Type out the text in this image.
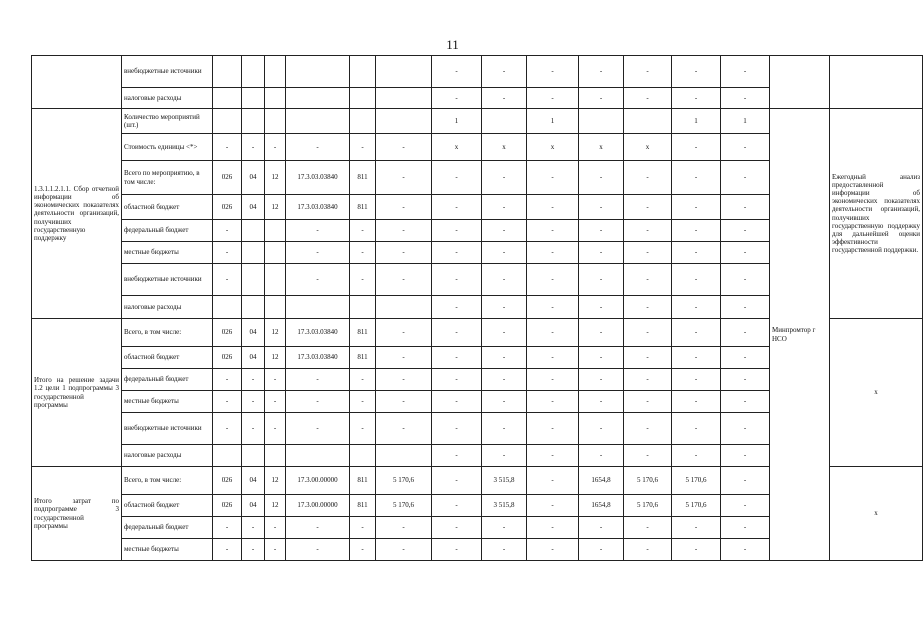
11
	внебюджетные источники							-	-	-	-	-	-	-		
	налоговые расходы							-	-	-	-	-	-	-		
1.3.1.1.2.1.1. Сбор отчетной информации об экономических показателях деятельности организаций, получивших государственную поддержку	Количество мероприятий (шт.)							1		1			1	1	Минпромтор г НСО	Ежегодный анализ предоставленной информации об экономических показателях деятельности организаций, получивших государственную поддержку для дальнейшей оценки эффективности государственной поддержки.
	Стоимость единицы <*>	-	-	-	-	-	-	x	x	x	x	x	-	-		
	Всего по мероприятию, в том числе:	026	04	12	17.3.03.03840	811	-	-	-	-	-	-	-	-		
	областной бюджет	026	04	12	17.3.03.03840	811	-	-	-	-	-	-	-	-		
	федеральный бюджет	-			-	-	-	-	-	-	-	-	-	-		
	местные бюджеты	-			-	-	-	-	-	-	-	-	-	-		
	внебюджетные источники	-			-	-	-	-	-	-	-	-	-	-		
	налоговые расходы							-	-	-	-	-	-	-		
Итого на решение задачи 1.2 цели 1 подпрограммы 3 государственной программы	Всего, в том числе:	026	04	12	17.3.03.03840	811	-	-	-	-	-	-	-	-		x
	областной бюджет	026	04	12	17.3.03.03840	811	-	-	-	-	-	-	-	-		
	федеральный бюджет	-	-	-	-	-	-	-	-	-	-	-	-	-		
	местные бюджеты	-	-	-	-	-	-	-	-	-	-	-	-	-		
	внебюджетные источники	-	-	-	-	-	-	-	-	-	-	-	-	-		
	налоговые расходы							-	-	-	-	-	-	-		
Итого затрат по подпрограмме 3 государственной программы	Всего, в том числе:	026	04	12	17.3.00.00000	811	5 170,6	-	3 515,8	-	1654,8	5 170,6	5 170,6	-		x
	областной бюджет	026	04	12	17.3.00.00000	811	5 170,6	-	3 515,8	-	1654,8	5 170,6	5 170,6	-		
	федеральный бюджет	-	-	-	-	-	-	-	-	-	-	-	-	-		
	местные бюджеты	-	-	-	-	-	-	-	-	-	-	-	-	-		
